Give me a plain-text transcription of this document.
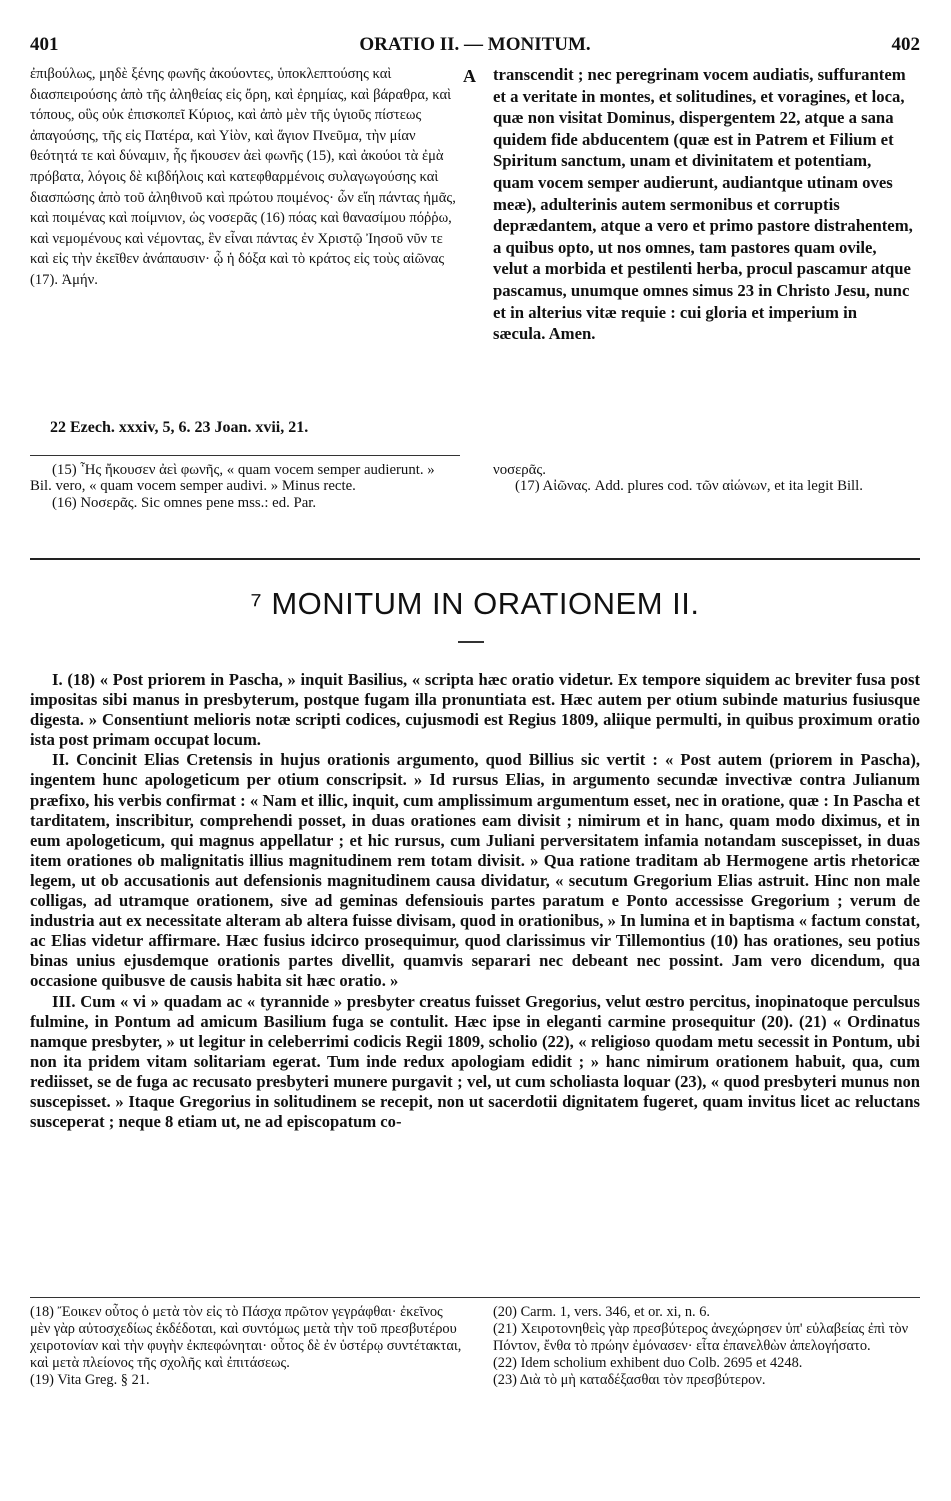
401	ORATIO II. — MONITUM.	402
ἐπιβούλως, μηδὲ ξένης φωνῆς ἀκούοντες, ὑποκλεπτούσης καὶ διασπειρούσης ἀπὸ τῆς ἀληθείας εἰς ὄρη, καὶ ἐρημίας, καὶ βάραθρα, καὶ τόπους, οὓς οὐκ ἐπισκοπεῖ Κύριος, καὶ ἀπὸ μὲν τῆς ὑγιοῦς πίστεως ἀπαγούσης, τῆς εἰς Πατέρα, καὶ Υἱὸν, καὶ ἅγιον Πνεῦμα, τὴν μίαν θεότητά τε καὶ δύναμιν, ἧς ἤκουσεν ἀεὶ φωνῆς (15), καὶ ἀκούοι τὰ ἐμὰ πρόβατα, λόγοις δὲ κιβδήλοις καὶ κατεφθαρμένοις συλαγωγούσης καὶ διασπώσης ἀπὸ τοῦ ἀληθινοῦ καὶ πρώτου ποιμένος· ὧν εἴη πάντας ἡμᾶς, καὶ ποιμένας καὶ ποίμνιον, ὡς νοσερᾶς (16) πόας καὶ θανασίμου πόῤῥω, καὶ νεμομένους καὶ νέμοντας, ἓν εἶναι πάντας ἐν Χριστῷ Ἰησοῦ νῦν τε καὶ εἰς τὴν ἐκεῖθεν ἀνάπαυσιν· ᾧ ἡ δόξα καὶ τὸ κράτος εἰς τοὺς αἰῶνας (17). Ἀμήν.
A transcendit ; nec peregrinam vocem audiatis, suffurantem et a veritate in montes, et solitudines, et voragines, et loca, quæ non visitat Dominus, dispergentem 22, atque a sana quidem fide abducentem (quæ est in Patrem et Filium et Spiritum sanctum, unam et divinitatem et potentiam, quam vocem semper audierunt, audiantque utinam oves meæ), adulterinis autem sermonibus et corruptis deprædantem, atque a vero et primo pastore distrahentem, a quibus opto, ut nos omnes, tam pastores quam ovile, velut a morbida et pestilenti herba, procul pascamur atque pascamus, unumque omnes simus 23 in Christo Jesu, nunc et in alterius vitæ requie : cui gloria et imperium in sæcula. Amen.
22 Ezech. xxxiv, 5, 6. 23 Joan. xvii, 21.
(15) Ἧς ἤκουσεν ἀεὶ φωνῆς, « quam vocem semper audierunt. » Bil. vero, « quam vocem semper audivi. » Minus recte.
(16) Νοσερᾶς. Sic omnes pene mss.: ed. Par.
νοσερᾶς.
(17) Αἰῶνας. Add. plures cod. τῶν αἰώνων, et ita legit Bill.
⁷ MONITUM IN ORATIONEM II.

I. (18) « Post priorem in Pascha, » inquit Basilius, « scripta hæc oratio videtur. Ex tempore siquidem ac breviter fusa post impositas sibi manus in presbyterum, postque fugam illa pronuntiata est. Hæc autem per otium subinde maturius fusiusque digesta. » Consentiunt melioris notæ scripti codices, cujusmodi est Regius 1809, aliique permulti, in quibus proximum oratio ista post primam occupat locum.

II. Concinit Elias Cretensis in hujus orationis argumento, quod Billius sic vertit : « Post autem (priorem in Pascha), ingentem hunc apologeticum per otium conscripsit. » Id rursus Elias, in argumento secundæ invectivæ contra Julianum præfixo, his verbis confirmat : « Nam et illic, inquit, cum amplissimum argumentum esset, nec in oratione, quæ : In Pascha et tarditatem, inscribitur, comprehendi posset, in duas orationes eam divisit ; nimirum et in hanc, quam modo diximus, et in eum apologeticum, qui magnus appellatur ; et hic rursus, cum Juliani perversitatem infamia notandam suscepisset, in duas item orationes ob malignitatis illius magnitudinem rem totam divisit. » Qua ratione traditam ab Hermogene artis rhetoricæ legem, ut ob accusationis aut defensionis magnitudinem causa dividatur, « secutum Gregorium Elias astruit. Hinc non male colligas, ad utramque orationem, sive ad geminas defensiouis partes paratum e Ponto accessisse Gregorium ; verum de industria aut ex necessitate alteram ab altera fuisse divisam, quod in orationibus, » In lumina et in baptisma « factum constat, ac Elias videtur affirmare. Hæc fusius idcirco prosequimur, quod clarissimus vir Tillemontius (10) has orationes, seu potius binas unius ejusdemque orationis partes divellit, quamvis separari nec debeant nec possint. Jam vero dicendum, qua occasione quibusve de causis habita sit hæc oratio. »

III. Cum « vi » quadam ac « tyrannide » presbyter creatus fuisset Gregorius, velut œstro percitus, inopinatoque perculsus fulmine, in Pontum ad amicum Basilium fuga se contulit. Hæc ipse in eleganti carmine prosequitur (20). (21) « Ordinatus namque presbyter, » ut legitur in celeberrimi codicis Regii 1809, scholio (22), « religioso quodam metu secessit in Pontum, ubi non ita pridem vitam solitariam egerat. Tum inde redux apologiam edidit ; » hanc nimirum orationem habuit, qua, cum rediisset, se de fuga ac recusato presbyteri munere purgavit ; vel, ut cum scholiasta loquar (23), « quod presbyteri munus non suscepisset. » Itaque Gregorius in solitudinem se recepit, non ut sacerdotii dignitatem fugeret, quam invitus licet ac reluctans susceperat ; neque 8 etiam ut, ne ad episcopatum co-

(18) Ἔοικεν οὗτος ὁ μετὰ τὸν εἰς τὸ Πάσχα πρῶτον γεγράφθαι· ἐκεῖνος μὲν γὰρ αὐτοσχεδίως ἐκδέδοται, καὶ συντόμως μετὰ τὴν τοῦ πρεσβυτέρου χειροτονίαν καὶ τὴν φυγὴν ἐκπεφώνηται· οὗτος δὲ ἐν ὑστέρῳ συντέτακται, καὶ μετὰ πλείονος τῆς σχολῆς καὶ ἐπιτάσεως.
(19) Vita Greg. § 21.
(20) Carm. 1, vers. 346, et or. xi, n. 6.
(21) Χειροτονηθεὶς γὰρ πρεσβύτερος ἀνεχώρησεν ὑπ' εὐλαβείας ἐπὶ τὸν Πόντον, ἔνθα τὸ πρώην ἐμόνασεν· εἶτα ἐπανελθὼν ἀπελογήσατο.
(22) Idem scholium exhibent duo Colb. 2695 et 4248.
(23) Διὰ τὸ μὴ καταδέξασθαι τὸν πρεσβύτερον.
